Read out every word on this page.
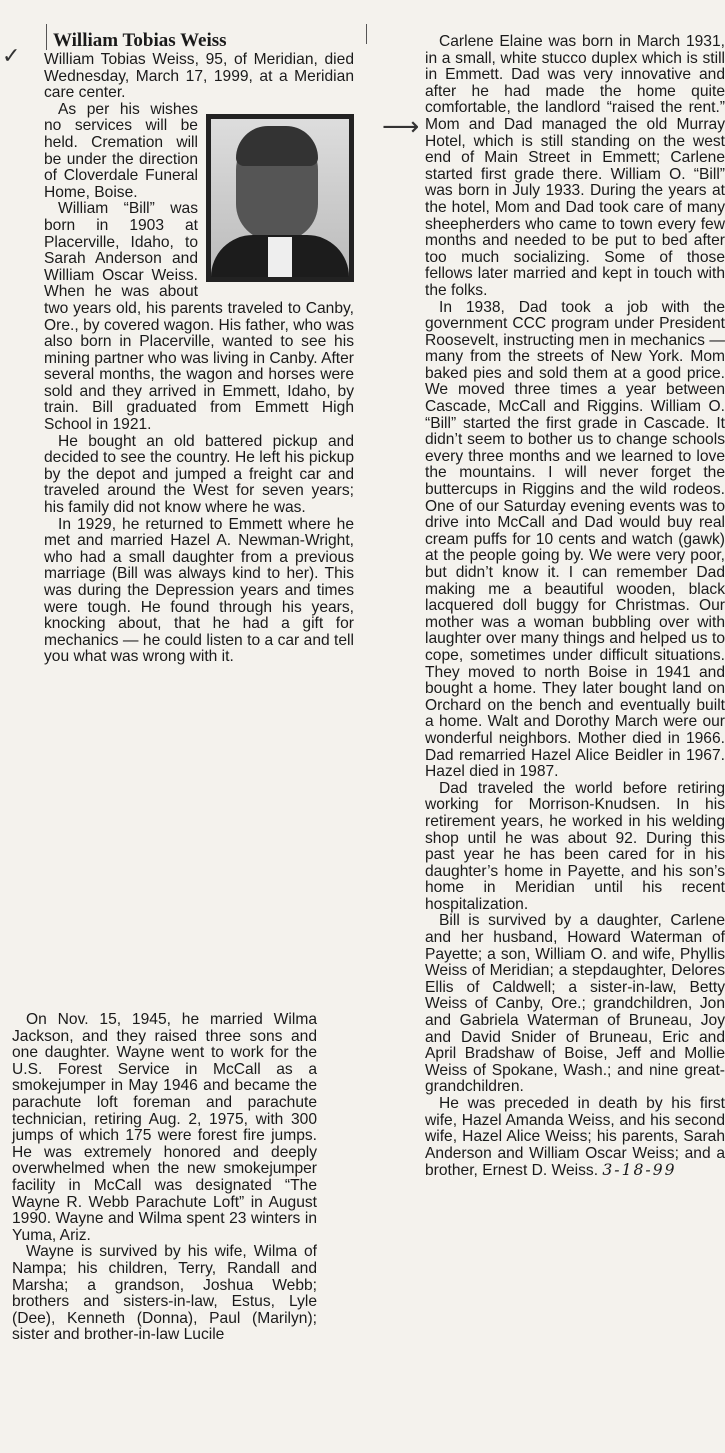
✓
⟶
William Tobias Weiss

William Tobias Weiss, 95, of Meridian, died Wednesday, March 17, 1999, at a Meridian care center.

As per his wishes no services will be held. Cremation will be under the direction of Cloverdale Funeral Home, Boise.

William “Bill” was born in 1903 at Placerville, Idaho, to Sarah Anderson and William Oscar Weiss. When he was about two years old, his parents traveled to Canby, Ore., by covered wagon. His father, who was also born in Placerville, wanted to see his mining partner who was living in Canby. After several months, the wagon and horses were sold and they arrived in Emmett, Idaho, by train. Bill graduated from Emmett High School in 1921.

He bought an old battered pickup and decided to see the country. He left his pickup by the depot and jumped a freight car and traveled around the West for seven years; his family did not know where he was.

In 1929, he returned to Emmett where he met and married Hazel A. Newman-Wright, who had a small daughter from a previous marriage (Bill was always kind to her). This was during the Depression years and times were tough. He found through his years, knocking about, that he had a gift for mechanics — he could listen to a car and tell you what was wrong with it.

Carlene Elaine was born in March 1931, in a small, white stucco duplex which is still in Emmett. Dad was very innovative and after he had made the home quite comfortable, the landlord “raised the rent.” Mom and Dad managed the old Murray Hotel, which is still standing on the west end of Main Street in Emmett; Carlene started first grade there. William O. “Bill” was born in July 1933. During the years at the hotel, Mom and Dad took care of many sheepherders who came to town every few months and needed to be put to bed after too much socializing. Some of those fellows later married and kept in touch with the folks.

In 1938, Dad took a job with the government CCC program under President Roosevelt, instructing men in mechanics — many from the streets of New York. Mom baked pies and sold them at a good price. We moved three times a year between Cascade, McCall and Riggins. William O. “Bill” started the first grade in Cascade. It didn’t seem to bother us to change schools every three months and we learned to love the mountains. I will never forget the buttercups in Riggins and the wild rodeos. One of our Saturday evening events was to drive into McCall and Dad would buy real cream puffs for 10 cents and watch (gawk) at the people going by. We were very poor, but didn’t know it. I can remember Dad making me a beautiful wooden, black lacquered doll buggy for Christmas. Our mother was a woman bubbling over with laughter over many things and helped us to cope, sometimes under difficult situations. They moved to north Boise in 1941 and bought a home. They later bought land on Orchard on the bench and eventually built a home. Walt and Dorothy March were our wonderful neighbors. Mother died in 1966. Dad remarried Hazel Alice Beidler in 1967. Hazel died in 1987.

Dad traveled the world before retiring working for Morrison-Knudsen. In his retirement years, he worked in his welding shop until he was about 92. During this past year he has been cared for in his daughter’s home in Payette, and his son’s home in Meridian until his recent hospitalization.

Bill is survived by a daughter, Carlene and her husband, Howard Waterman of Payette; a son, William O. and wife, Phyllis Weiss of Meridian; a stepdaughter, Delores Ellis of Caldwell; a sister-in-law, Betty Weiss of Canby, Ore.; grandchildren, Jon and Gabriela Waterman of Bruneau, Joy and David Snider of Bruneau, Eric and April Bradshaw of Boise, Jeff and Mollie Weiss of Spokane, Wash.; and nine great-grandchildren.

He was preceded in death by his first wife, Hazel Amanda Weiss, and his second wife, Hazel Alice Weiss; his parents, Sarah Anderson and William Oscar Weiss; and a brother, Ernest D. Weiss. 3-18-99

On Nov. 15, 1945, he married Wilma Jackson, and they raised three sons and one daughter. Wayne went to work for the U.S. Forest Service in McCall as a smokejumper in May 1946 and became the parachute loft foreman and parachute technician, retiring Aug. 2, 1975, with 300 jumps of which 175 were forest fire jumps. He was extremely honored and deeply overwhelmed when the new smokejumper facility in McCall was designated “The Wayne R. Webb Parachute Loft” in August 1990. Wayne and Wilma spent 23 winters in Yuma, Ariz.

Wayne is survived by his wife, Wilma of Nampa; his children, Terry, Randall and Marsha; a grandson, Joshua Webb; brothers and sisters-in-law, Estus, Lyle (Dee), Kenneth (Donna), Paul (Marilyn); sister and brother-in-law Lucile
